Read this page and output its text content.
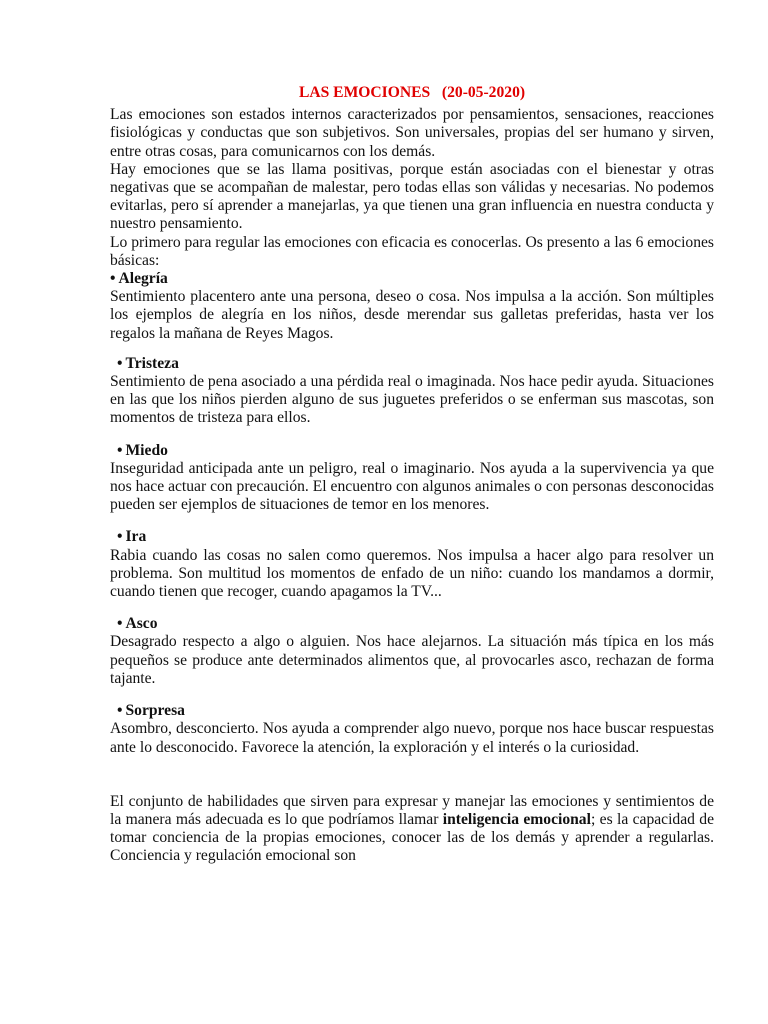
LAS EMOCIONES   (20-05-2020)

Las emociones son estados internos caracterizados por pensamientos, sensaciones, reacciones fisiológicas y conductas que son subjetivos. Son universales, propias del ser humano y sirven, entre otras cosas, para comunicarnos con los demás.

Hay emociones que se las llama positivas, porque están asociadas con el bienestar y otras negativas que se acompañan de malestar, pero todas ellas son válidas y necesarias. No podemos evitarlas, pero sí aprender a manejarlas, ya que tienen una gran influencia en nuestra conducta y nuestro pensamiento.

Lo primero para regular las emociones con eficacia es conocerlas. Os presento a las 6 emociones básicas:

• Alegría

Sentimiento placentero ante una persona, deseo o cosa. Nos impulsa a la acción. Son múltiples los ejemplos de alegría en los niños, desde merendar sus galletas preferidas, hasta ver los regalos la mañana de Reyes Magos.

• Tristeza

Sentimiento de pena asociado a una pérdida real o imaginada. Nos hace pedir ayuda. Situaciones en las que los niños pierden alguno de sus juguetes preferidos o se enferman sus mascotas, son momentos de tristeza para ellos.

• Miedo

Inseguridad anticipada ante un peligro, real o imaginario. Nos ayuda a la supervivencia ya que nos hace actuar con precaución. El encuentro con algunos animales o con personas desconocidas pueden ser ejemplos de situaciones de temor en los menores.

• Ira

Rabia cuando las cosas no salen como queremos. Nos impulsa a hacer algo para resolver un problema. Son multitud los momentos de enfado de un niño: cuando los mandamos a dormir, cuando tienen que recoger, cuando apagamos la TV...

• Asco

Desagrado respecto a algo o alguien. Nos hace alejarnos. La situación más típica en los más pequeños se produce ante determinados alimentos que, al provocarles asco, rechazan de forma tajante.

• Sorpresa

Asombro, desconcierto. Nos ayuda a comprender algo nuevo, porque nos hace buscar respuestas ante lo desconocido. Favorece la atención, la exploración y el interés o la curiosidad.

El conjunto de habilidades que sirven para expresar y manejar las emociones y sentimientos de la manera más adecuada es lo que podríamos llamar inteligencia emocional; es la capacidad de tomar conciencia de la propias emociones, conocer las de los demás y aprender a regularlas. Conciencia y regulación emocional son
